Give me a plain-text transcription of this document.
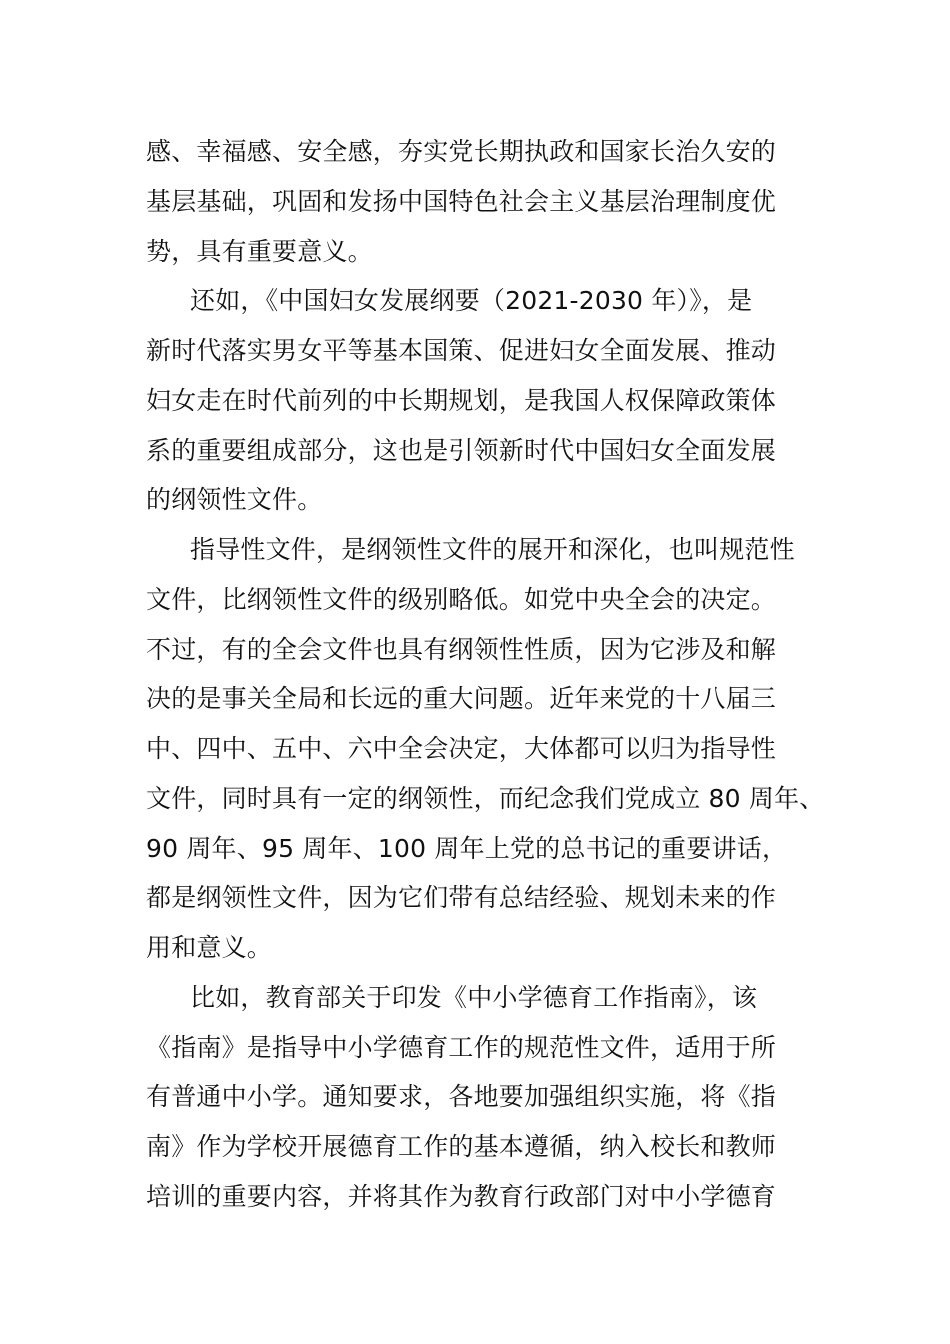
感、幸福感、安全感，夯实党长期执政和国家长治久安的
基层基础，巩固和发扬中国特色社会主义基层治理制度优
势，具有重要意义。
还如，《中国妇女发展纲要（2021-2030 年）》，是
新时代落实男女平等基本国策、促进妇女全面发展、推动
妇女走在时代前列的中长期规划，是我国人权保障政策体
系的重要组成部分，这也是引领新时代中国妇女全面发展
的纲领性文件。
指导性文件，是纲领性文件的展开和深化，也叫规范性
文件，比纲领性文件的级别略低。如党中央全会的决定。
不过，有的全会文件也具有纲领性性质，因为它涉及和解
决的是事关全局和长远的重大问题。近年来党的十八届三
中、四中、五中、六中全会决定，大体都可以归为指导性
文件，同时具有一定的纲领性，而纪念我们党成立 80 周年、
90 周年、95 周年、100 周年上党的总书记的重要讲话，
都是纲领性文件，因为它们带有总结经验、规划未来的作
用和意义。
比如，教育部关于印发《中小学德育工作指南》，该
《指南》是指导中小学德育工作的规范性文件，适用于所
有普通中小学。通知要求，各地要加强组织实施，将《指
南》作为学校开展德育工作的基本遵循，纳入校长和教师
培训的重要内容，并将其作为教育行政部门对中小学德育
